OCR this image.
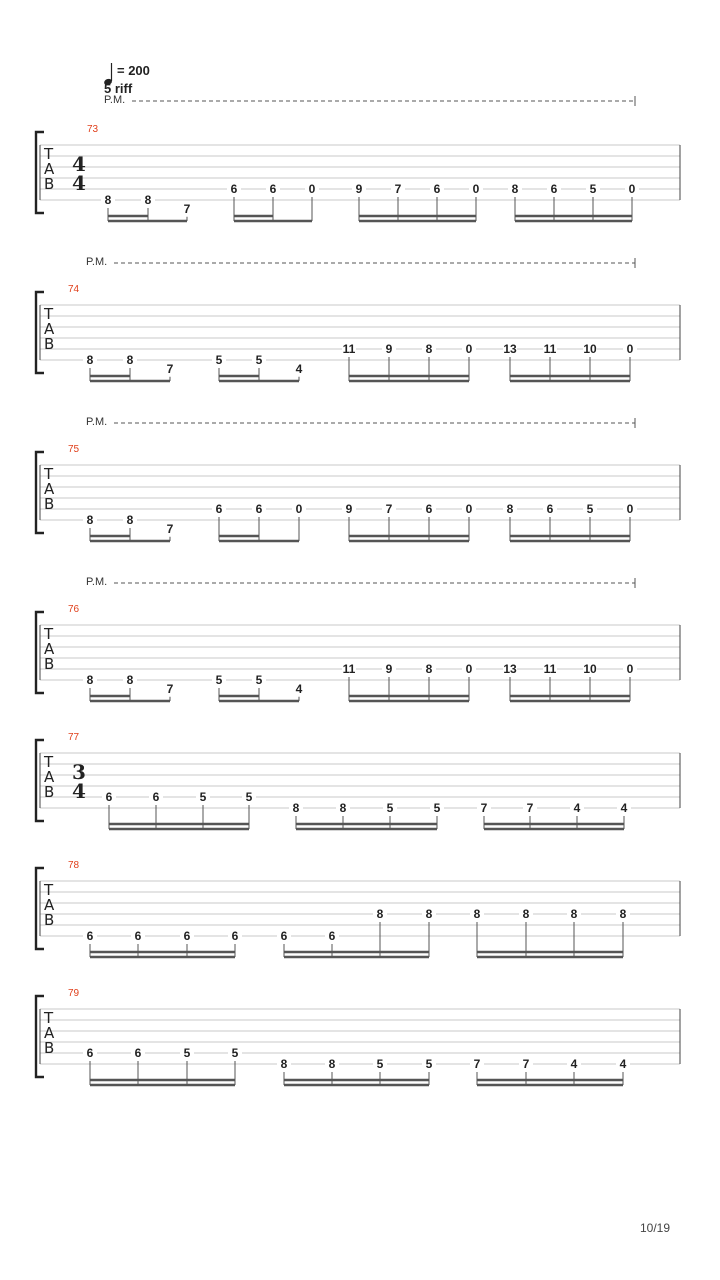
= 200
5 riff
P.M.
73
T
A
B
4
4
8	8
7
6	6	0	9	7	6	0	8	6	5	0
P.M.
74
T
A
B
8	8
7
5	5
4
11	9	8	0	13 11 10 0
P.M.
75
T
A
B
8	8
7
6	6	0	9	7	6	0	8	6	5	0
P.M.
76
T
A
B
8	8
7
5	5
4
11	9	8	0	13 11 10 0
77
T
A
B
3
4 6	6	5	5
8	8	5	5	7	7	4	4
78
T
A
B
6	6	6	6	6	6
8	8	8	8	8	8
79
T
A
B	6	6	5	5
8	8	5	5	7	7	4	4
10/19
